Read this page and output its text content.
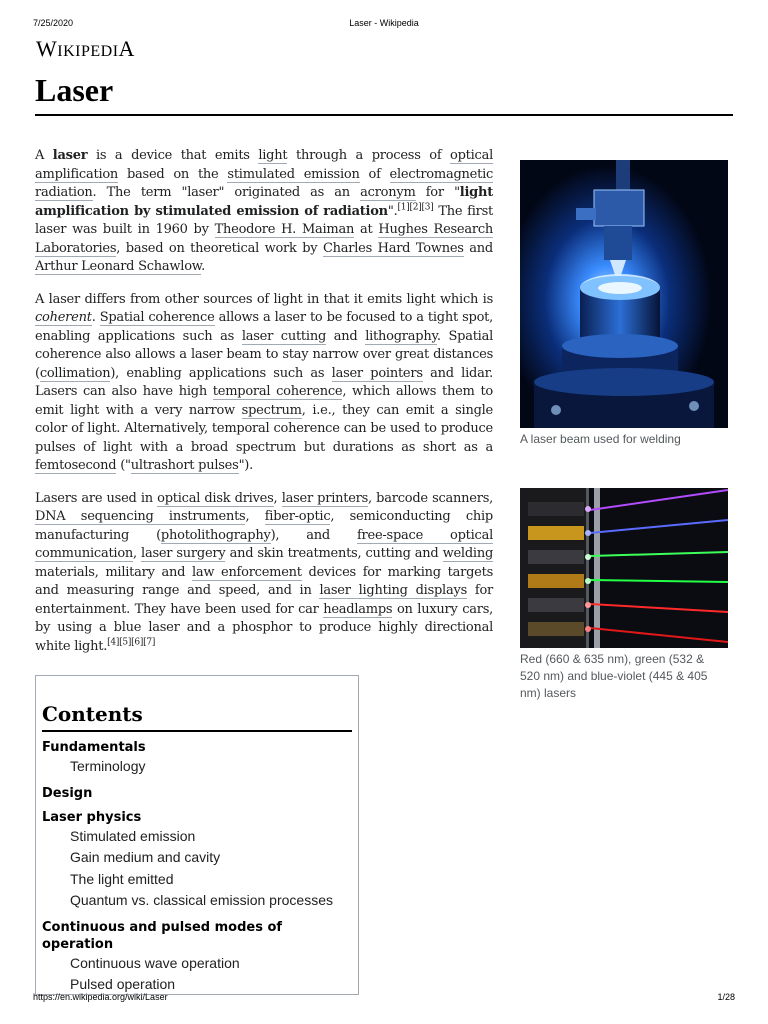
7/25/2020	Laser - Wikipedia
WIKIPEDIA
Laser

A laser is a device that emits light through a process of optical amplification based on the stimulated emission of electromagnetic radiation. The term "laser" originated as an acronym for "light amplification by stimulated emission of radiation".[1][2][3] The first laser was built in 1960 by Theodore H. Maiman at Hughes Research Laboratories, based on theoretical work by Charles Hard Townes and Arthur Leonard Schawlow.

A laser differs from other sources of light in that it emits light which is coherent. Spatial coherence allows a laser to be focused to a tight spot, enabling applications such as laser cutting and lithography. Spatial coherence also allows a laser beam to stay narrow over great distances (collimation), enabling applications such as laser pointers and lidar. Lasers can also have high temporal coherence, which allows them to emit light with a very narrow spectrum, i.e., they can emit a single color of light. Alternatively, temporal coherence can be used to produce pulses of light with a broad spectrum but durations as short as a femtosecond ("ultrashort pulses").

Lasers are used in optical disk drives, laser printers, barcode scanners, DNA sequencing instruments, fiber-optic, semiconducting chip manufacturing (photolithography), and free-space optical communication, laser surgery and skin treatments, cutting and welding materials, military and law enforcement devices for marking targets and measuring range and speed, and in laser lighting displays for entertainment. They have been used for car headlamps on luxury cars, by using a blue laser and a phosphor to produce highly directional white light.[4][5][6][7]

Contents
Fundamentals
Terminology
Design
Laser physics
Stimulated emission
Gain medium and cavity
The light emitted
Quantum vs. classical emission processes
Continuous and pulsed modes of operation
Continuous wave operation
Pulsed operation
A laser beam used for welding
Red (660 & 635 nm), green (532 & 520 nm) and blue-violet (445 & 405 nm) lasers
https://en.wikipedia.org/wiki/Laser	1/28
